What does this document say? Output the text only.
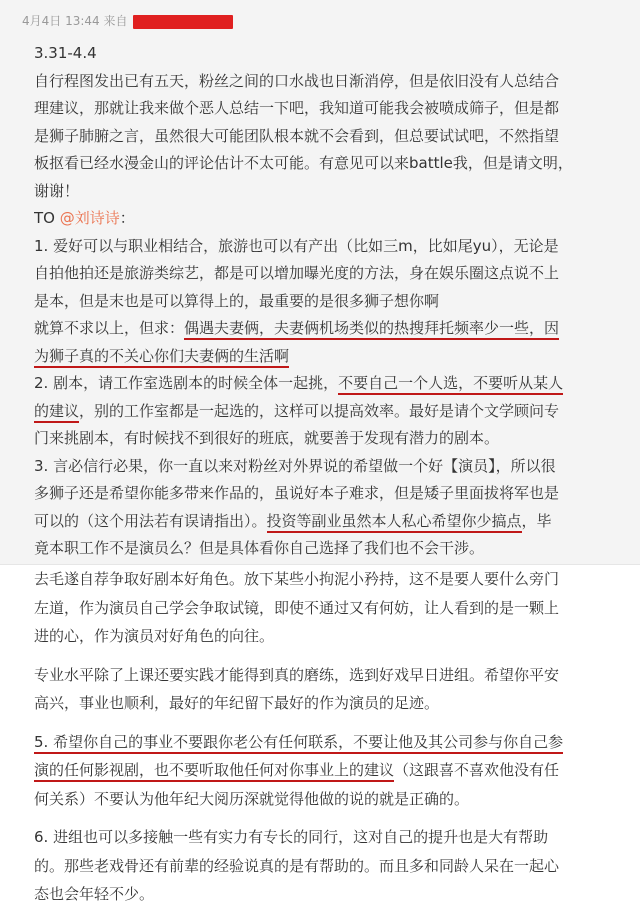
4月4日 13:44 来自
3.31-4.4
自行程图发出已有五天，粉丝之间的口水战也日渐消停，但是依旧没有人总结合
理建议，那就让我来做个恶人总结一下吧，我知道可能我会被喷成筛子，但是都
是狮子肺腑之言，虽然很大可能团队根本就不会看到，但总要试试吧，不然指望
板抠看已经水漫金山的评论估计不太可能。有意见可以来battle我，但是请文明，
谢谢！
TO @刘诗诗：
1. 爱好可以与职业相结合，旅游也可以有产出（比如三m，比如尾yu），无论是
自拍他拍还是旅游类综艺，都是可以增加曝光度的方法，身在娱乐圈这点说不上
是本，但是末也是可以算得上的，最重要的是很多狮子想你啊
就算不求以上，但求：偶遇夫妻俩，夫妻俩机场类似的热搜拜托频率少一些，因
为狮子真的不关心你们夫妻俩的生活啊
2. 剧本，请工作室选剧本的时候全体一起挑，不要自己一个人选，不要听从某人
的建议，别的工作室都是一起选的，这样可以提高效率。最好是请个文学顾问专
门来挑剧本，有时候找不到很好的班底，就要善于发现有潜力的剧本。
3. 言必信行必果，你一直以来对粉丝对外界说的希望做一个好【演员】，所以很
多狮子还是希望你能多带来作品的，虽说好本子难求，但是矮子里面拔将军也是
可以的（这个用法若有误请指出）。投资等副业虽然本人私心希望你少搞点，毕
竟本职工作不是演员么？但是具体看你自己选择了我们也不会干涉。
去毛遂自荐争取好剧本好角色。放下某些小拘泥小矜持，这不是要人要什么旁门
左道，作为演员自己学会争取试镜，即使不通过又有何妨，让人看到的是一颗上
进的心，作为演员对好角色的向往。
专业水平除了上课还要实践才能得到真的磨练，选到好戏早日进组。希望你平安
高兴，事业也顺利，最好的年纪留下最好的作为演员的足迹。
5. 希望你自己的事业不要跟你老公有任何联系，不要让他及其公司参与你自己参
演的任何影视剧，也不要听取他任何对你事业上的建议（这跟喜不喜欢他没有任
何关系）不要认为他年纪大阅历深就觉得他做的说的就是正确的。
6. 进组也可以多接触一些有实力有专长的同行，这对自己的提升也是大有帮助
的。那些老戏骨还有前辈的经验说真的是有帮助的。而且多和同龄人呆在一起心
态也会年轻不少。
